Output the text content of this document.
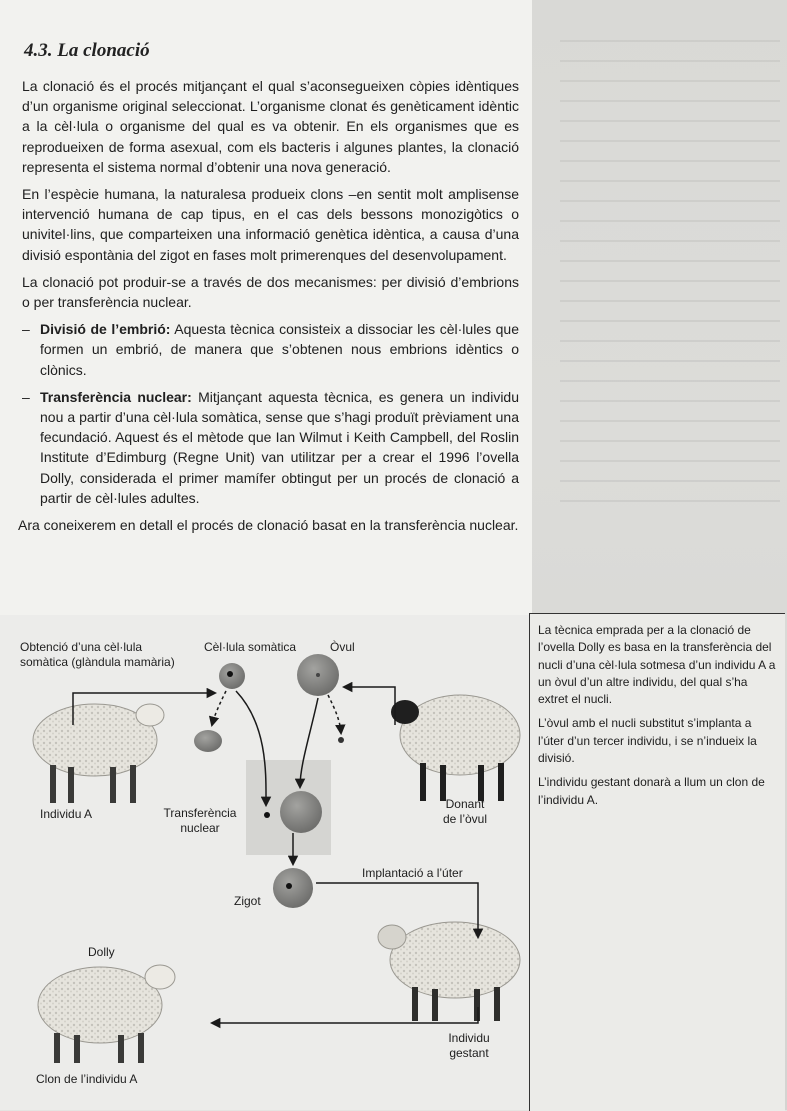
4.3. La clonació

La clonació és el procés mitjançant el qual s’aconsegueixen còpies idèntiques d’un organisme original seleccionat. L’organisme clonat és genèticament idèntic a la cèl·lula o organisme del qual es va obtenir. En els organismes que es reprodueixen de forma asexual, com els bacteris i algunes plantes, la clonació representa el sistema normal d’obtenir una nova generació.

En l’espècie humana, la naturalesa produeix clons –en sentit molt amplisense intervenció humana de cap tipus, en el cas dels bessons monozigòtics o univitel·lins, que comparteixen una informació genètica idèntica, a causa d’una divisió espontània del zigot en fases molt primerenques del desenvolupament.

La clonació pot produir-se a través de dos mecanismes: per divisió d’embrions o per transferència nuclear.

– Divisió de l’embrió: Aquesta tècnica consisteix a dissociar les cèl·lules que formen un embrió, de manera que s’obtenen nous embrions idèntics o clònics.
– Transferència nuclear: Mitjançant aquesta tècnica, es genera un individu nou a partir d’una cèl·lula somàtica, sense que s’hagi produït prèviament una fecundació. Aquest és el mètode que Ian Wilmut i Keith Campbell, del Roslin Institute d’Edimburg (Regne Unit) van utilitzar per a crear el 1996 l’ovella Dolly, considerada el primer mamífer obtingut per un procés de clonació a partir de cèl·lules adultes.

Ara coneixerem en detall el procés de clonació basat en la transferència nuclear.

Obtenció d’una cèl·lula
somàtica (glàndula mamària)
Cèl·lula somàtica	Òvul
Individu A	Transferència
nuclear
Donant
de l’òvul
Implantació a l’úter
Zigot
Dolly
Individu
gestant
Clon de l’individu A

La tècnica emprada per a la clonació de l’ovella Dolly es basa en la transferència del nucli d’una cèl·lula sotmesa d’un individu A a un òvul d’un altre individu, del qual s’ha extret el nucli.

L’òvul amb el nucli substitut s’implanta a l’úter d’un tercer individu, i se n’indueix la divisió.

L’individu gestant donarà a llum un clon de l’individu A.
